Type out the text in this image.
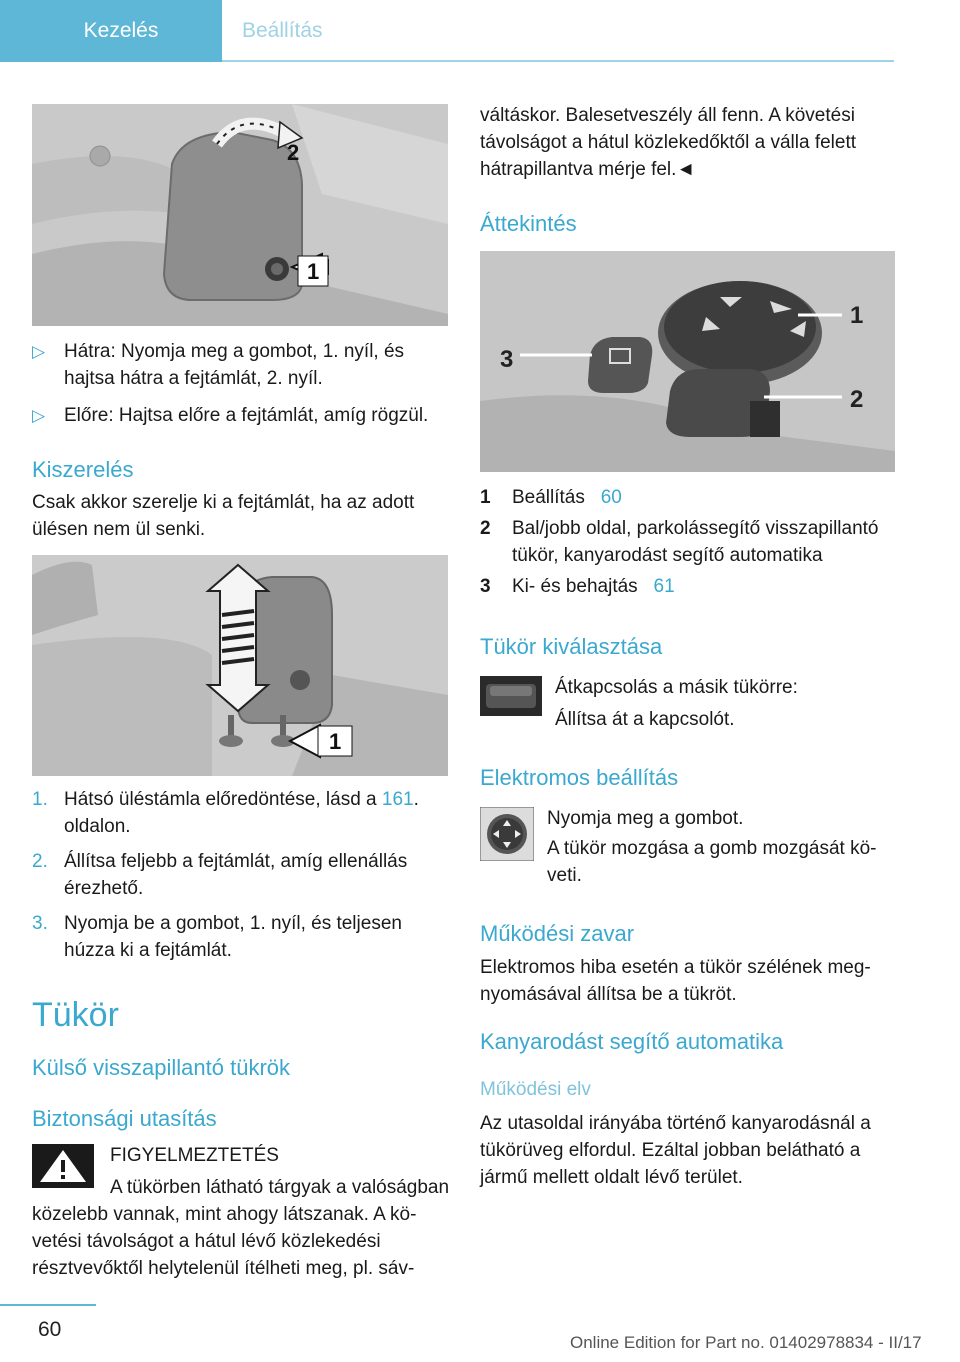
Kezelés	Beállítás
2
1
▷ Hátra: Nyomja meg a gombot, 1. nyíl, és hajtsa hátra a fejtámlát, 2. nyíl.
▷ Előre: Hajtsa előre a fejtámlát, amíg rögzül.
Kiszerelés
Csak akkor szerelje ki a fejtámlát, ha az adott ülésen nem ül senki.
1
1. Hátsó üléstámla előredöntése, lásd a 161. oldalon.
2. Állítsa feljebb a fejtámlát, amíg ellenállás érezhető.
3. Nyomja be a gombot, 1. nyíl, és teljesen húzza ki a fejtámlát.
Tükör
Külső visszapillantó tükrök
Biztonsági utasítás
FIGYELMEZTETÉS
A tükörben látható tárgyak a valóságban
közelebb vannak, mint ahogy látszanak. A kö-
vetési távolságot a hátul lévő közlekedési
résztvevőktől helytelenül ítélheti meg, pl. sáv-
váltáskor. Balesetveszély áll fenn. A követési távolságot a hátul közlekedőktől a válla felett hátrapillantva mérje fel.◄
Áttekintés
3
1
2
1	Beállítás 60
2	Bal/jobb oldal, parkolássegítő visszapillantó tükör, kanyarodást segítő automatika
3	Ki- és behajtás 61
Tükör kiválasztása
Átkapcsolás a másik tükörre:
Állítsa át a kapcsolót.
Elektromos beállítás
Nyomja meg a gombot.
A tükör mozgása a gomb mozgását kö- veti.
Működési zavar
Elektromos hiba esetén a tükör szélének meg- nyomásával állítsa be a tükröt.
Kanyarodást segítő automatika
Működési elv
Az utasoldal irányába történő kanyarodásnál a tükörüveg elfordul. Ezáltal jobban belátható a jármű mellett oldalt lévő terület.
60
Online Edition for Part no. 01402978834 - II/17
